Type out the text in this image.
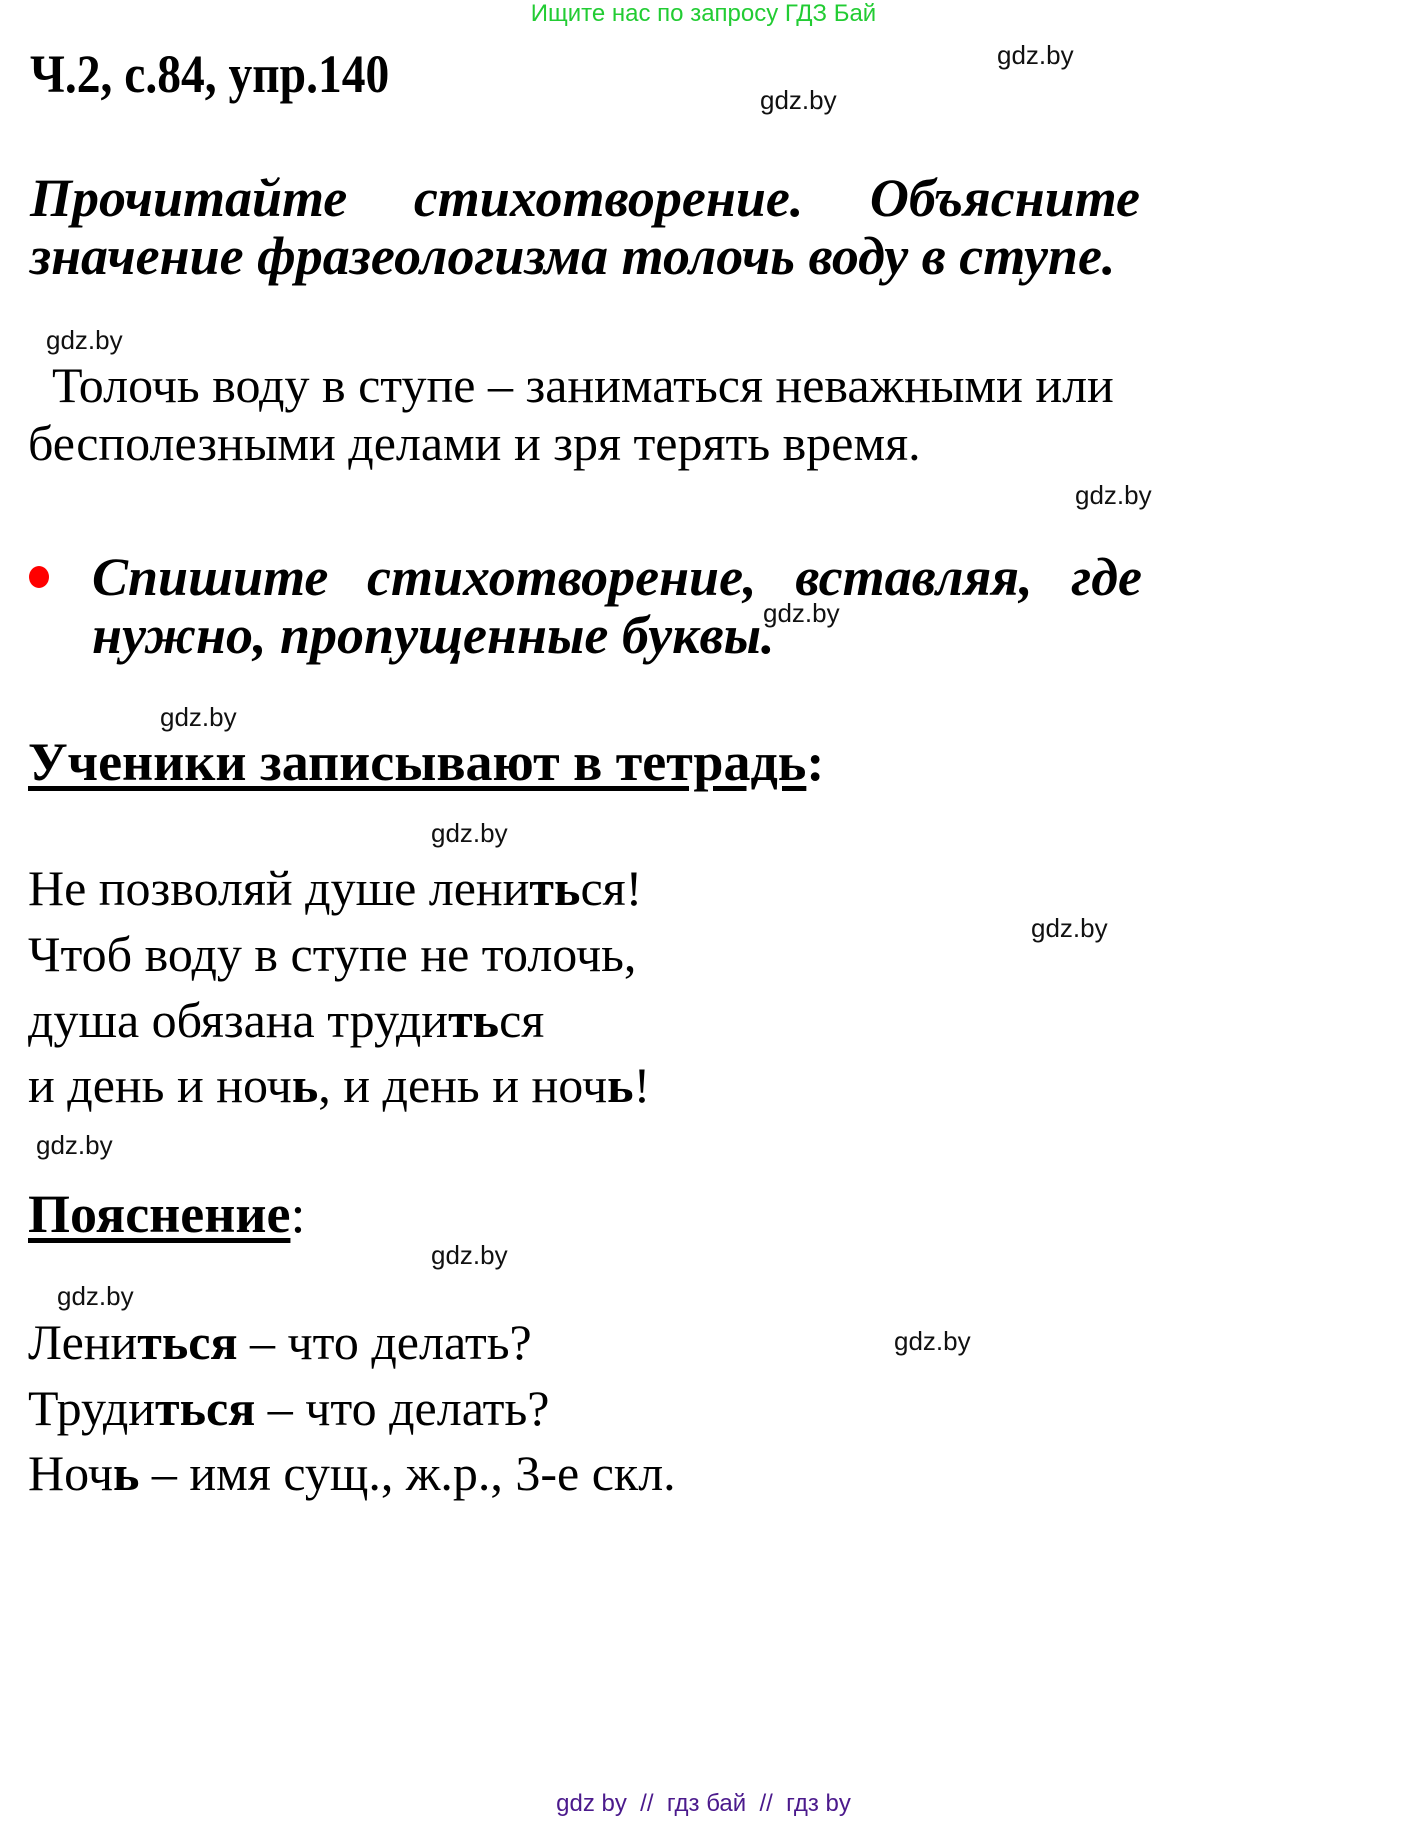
Ищите нас по запросу ГДЗ Бай
Ч.2, с.84, упр.140	gdz.by
gdz.by
gdz.by
gdz.by
gdz.by
gdz.by
gdz.by
gdz.by
gdz.by
gdz.by
gdz.by
gdz.by
Прочитайте стихотворение. Объясните
значение фразеологизма толочь воду в ступе.
Толочь воду в ступе – заниматься неважными или
бесполезными делами и зря терять время.
Спишите стихотворение, вставляя, где
нужно, пропущенные буквы.
Ученики записывают в тетрадь:
Не позволяй душе лениться!
Чтоб воду в ступе не толочь,
душа обязана трудиться
и день и ночь, и день и ночь!
Пояснение:
Лениться – что делать?
Трудиться – что делать?
Ночь – имя сущ., ж.р., 3-е скл.
gdz by  //  гдз бай  //  гдз by
